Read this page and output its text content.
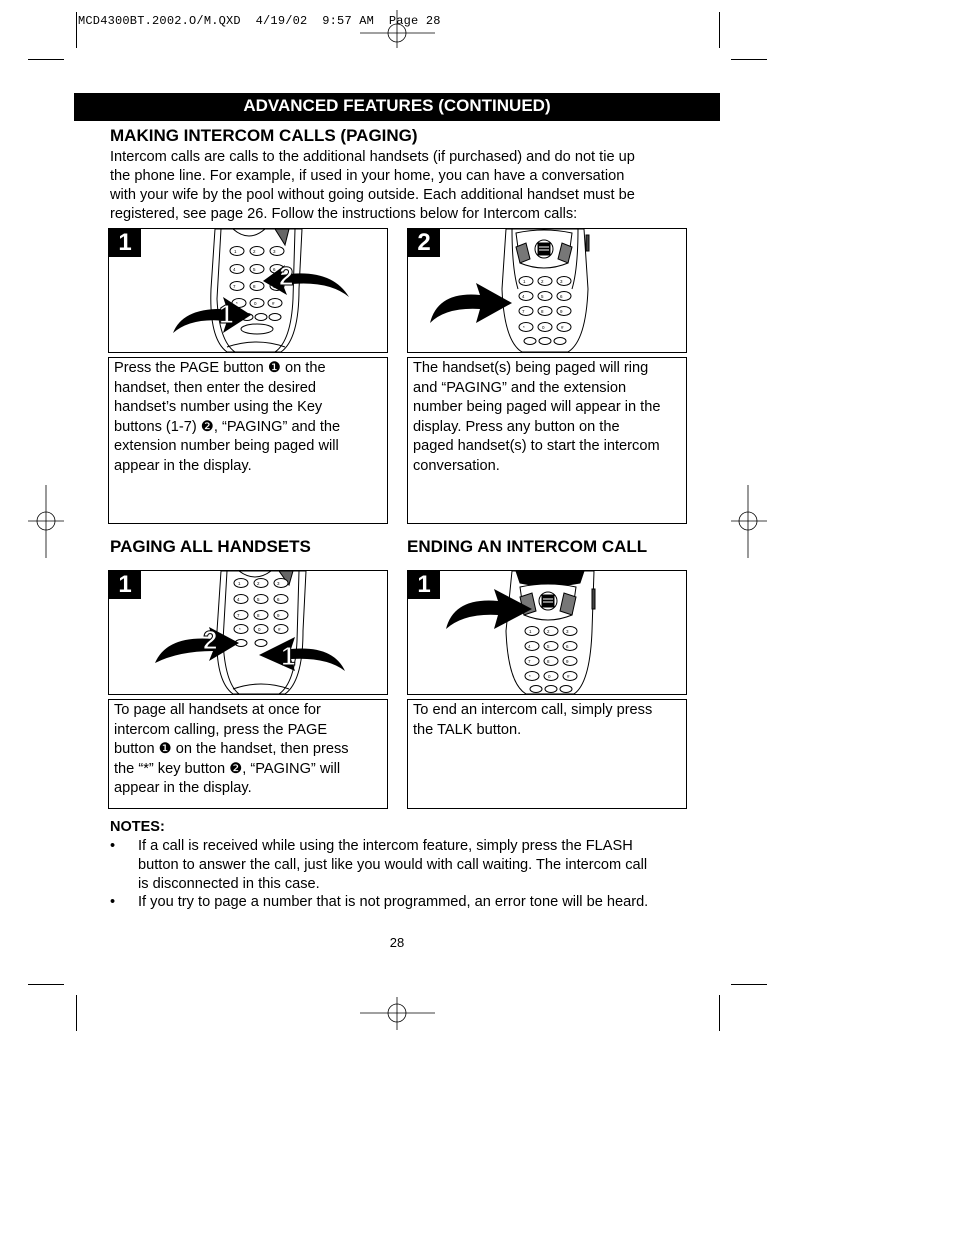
MCD4300BT.2002.O/M.QXD  4/19/02  9:57 AM  Page 28
ADVANCED FEATURES (CONTINUED)
MAKING INTERCOM CALLS (PAGING)
Intercom calls are calls to the additional handsets (if purchased) and do not tie up
the phone line. For example, if used in your home, you can have a conversation
with your wife by the pool without going outside. Each additional handset must be
registered, see page 26. Follow the instructions below for Intercom calls:
1	1	2	3
4	5	6
7	8
*	0	#
2
1
2
1	2	3
4	5	6
7	8	9
*	0	#
Press the PAGE button ❶ on the
handset, then enter the desired
handset’s number using the Key
buttons (1-7) ❷, “PAGING” and the
extension number being paged will
appear in the display.
The handset(s) being paged will ring
and “PAGING” and the extension
number being paged will appear in the
display. Press any button on the
paged handset(s) to start the intercom
conversation.
PAGING ALL HANDSETS	ENDING AN INTERCOM CALL
1	1	2	3
4	5	6
7	8	9
*	0	#
2
1
1
1	2	3
4	5	6
7	8	9
*	0	#
To page all handsets at once for
intercom calling, press the PAGE
button ❶ on the handset, then press
the “*” key button ❷, “PAGING” will
appear in the display.
To end an intercom call, simply press
the TALK button.
NOTES:
• If a call is received while using the intercom feature, simply press the FLASH
button to answer the call, just like you would with call waiting. The intercom call
is disconnected in this case.
• If you try to page a number that is not programmed, an error tone will be heard.
28
